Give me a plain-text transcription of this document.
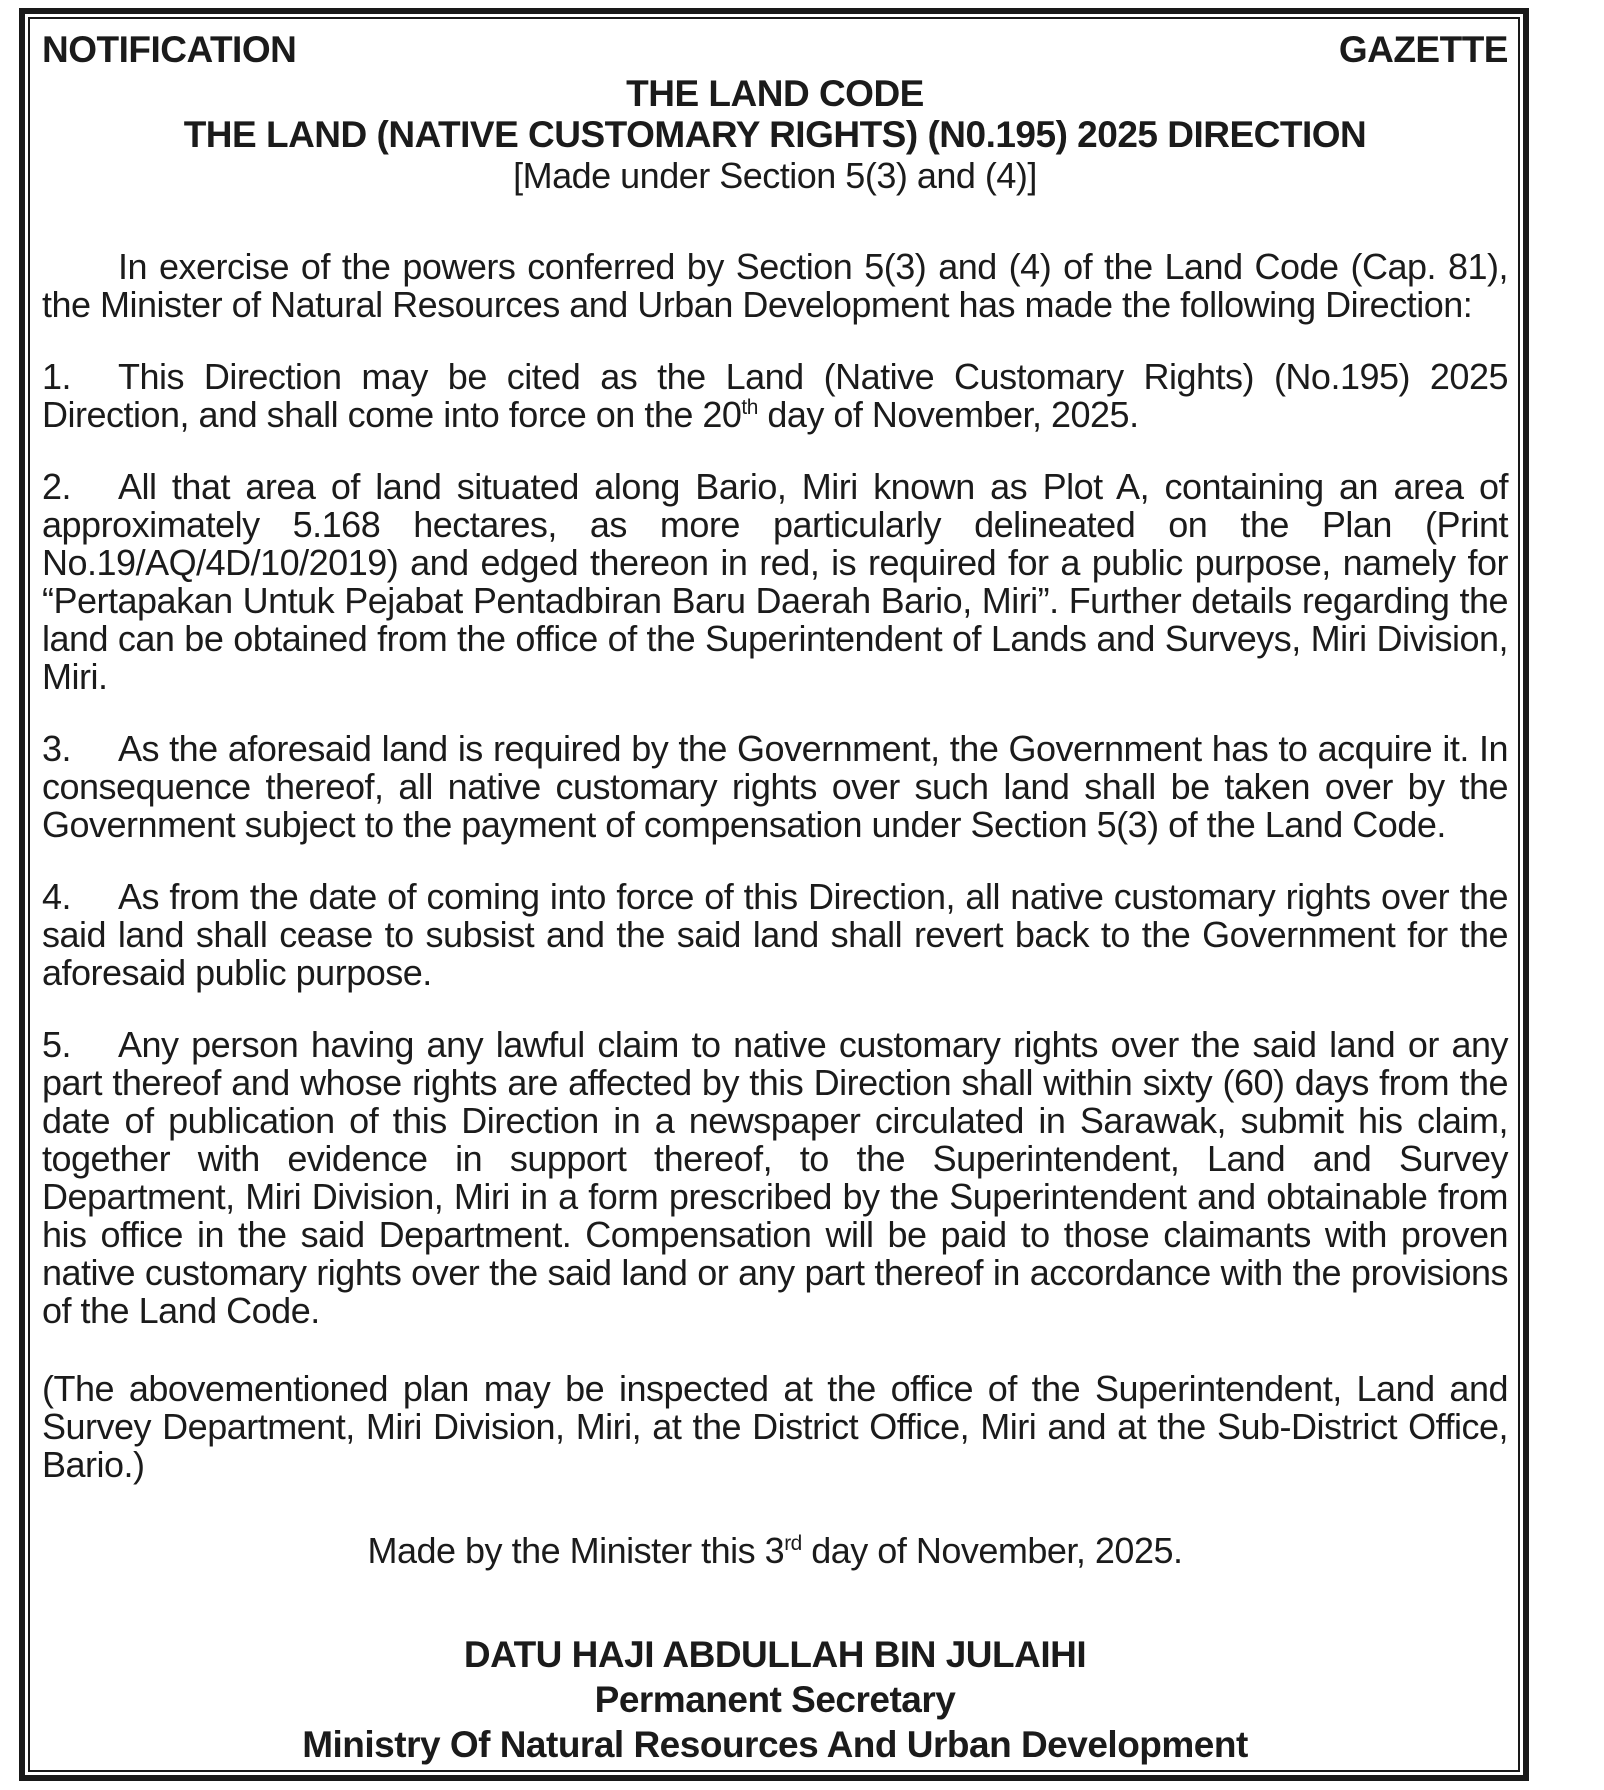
NOTIFICATION	GAZETTE
THE LAND CODE
THE LAND (NATIVE CUSTOMARY RIGHTS) (N0.195) 2025 DIRECTION
[Made under Section 5(3) and (4)]

In exercise of the powers conferred by Section 5(3) and (4) of the Land Code (Cap. 81), the Minister of Natural Resources and Urban Development has made the following Direction:

1. This Direction may be cited as the Land (Native Customary Rights) (No.195) 2025 Direction, and shall come into force on the 20th day of November, 2025.

2. All that area of land situated along Bario, Miri known as Plot A, containing an area of approximately 5.168 hectares, as more particularly delineated on the Plan (Print No.19/AQ/4D/10/2019) and edged thereon in red, is required for a public purpose, namely for “Pertapakan Untuk Pejabat Pentadbiran Baru Daerah Bario, Miri”. Further details regarding the land can be obtained from the office of the Superintendent of Lands and Surveys, Miri Division, Miri.

3. As the aforesaid land is required by the Government, the Government has to acquire it. In consequence thereof, all native customary rights over such land shall be taken over by the Government subject to the payment of compensation under Section 5(3) of the Land Code.

4. As from the date of coming into force of this Direction, all native customary rights over the said land shall cease to subsist and the said land shall revert back to the Government for the aforesaid public purpose.

5. Any person having any lawful claim to native customary rights over the said land or any part thereof and whose rights are affected by this Direction shall within sixty (60) days from the date of publication of this Direction in a newspaper circulated in Sarawak, submit his claim, together with evidence in support thereof, to the Superintendent, Land and Survey Department, Miri Division, Miri in a form prescribed by the Superintendent and obtainable from his office in the said Department. Compensation will be paid to those claimants with proven native customary rights over the said land or any part thereof in accordance with the provisions of the Land Code.

(The abovementioned plan may be inspected at the office of the Superintendent, Land and Survey Department, Miri Division, Miri, at the District Office, Miri and at the Sub-District Office, Bario.)

Made by the Minister this 3rd day of November, 2025.

DATU HAJI ABDULLAH BIN JULAIHI
Permanent Secretary
Ministry Of Natural Resources And Urban Development
